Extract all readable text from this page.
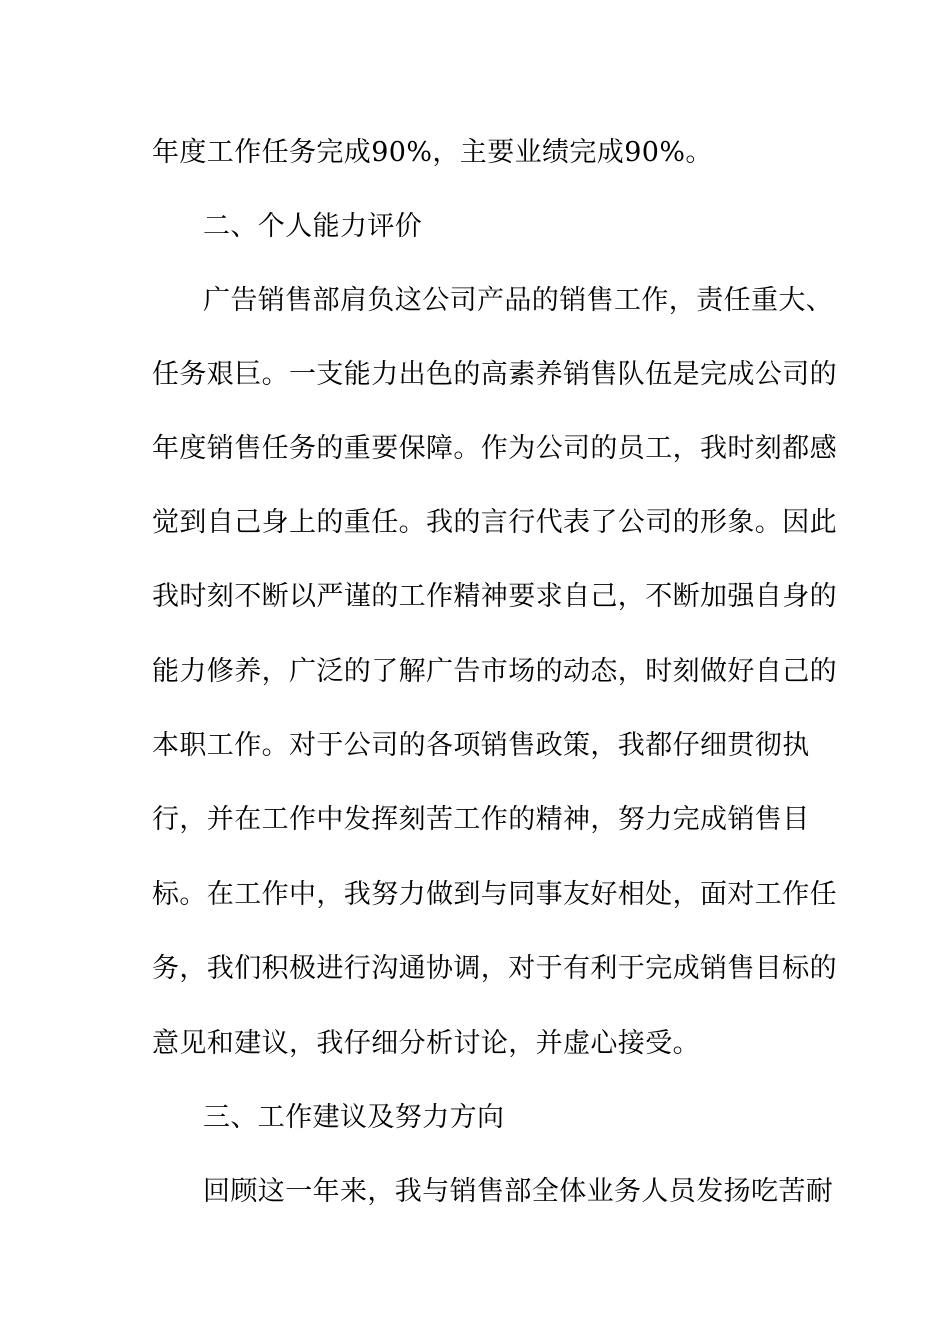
年度工作任务完成90%，主要业绩完成90%。
二、个人能力评价
广告销售部肩负这公司产品的销售工作，责任重大、
任务艰巨。一支能力出色的高素养销售队伍是完成公司的
年度销售任务的重要保障。作为公司的员工，我时刻都感
觉到自己身上的重任。我的言行代表了公司的形象。因此
我时刻不断以严谨的工作精神要求自己，不断加强自身的
能力修养，广泛的了解广告市场的动态，时刻做好自己的
本职工作。对于公司的各项销售政策，我都仔细贯彻执
行，并在工作中发挥刻苦工作的精神，努力完成销售目
标。在工作中，我努力做到与同事友好相处，面对工作任
务，我们积极进行沟通协调，对于有利于完成销售目标的
意见和建议，我仔细分析讨论，并虚心接受。
三、工作建议及努力方向
回顾这一年来，我与销售部全体业务人员发扬吃苦耐
